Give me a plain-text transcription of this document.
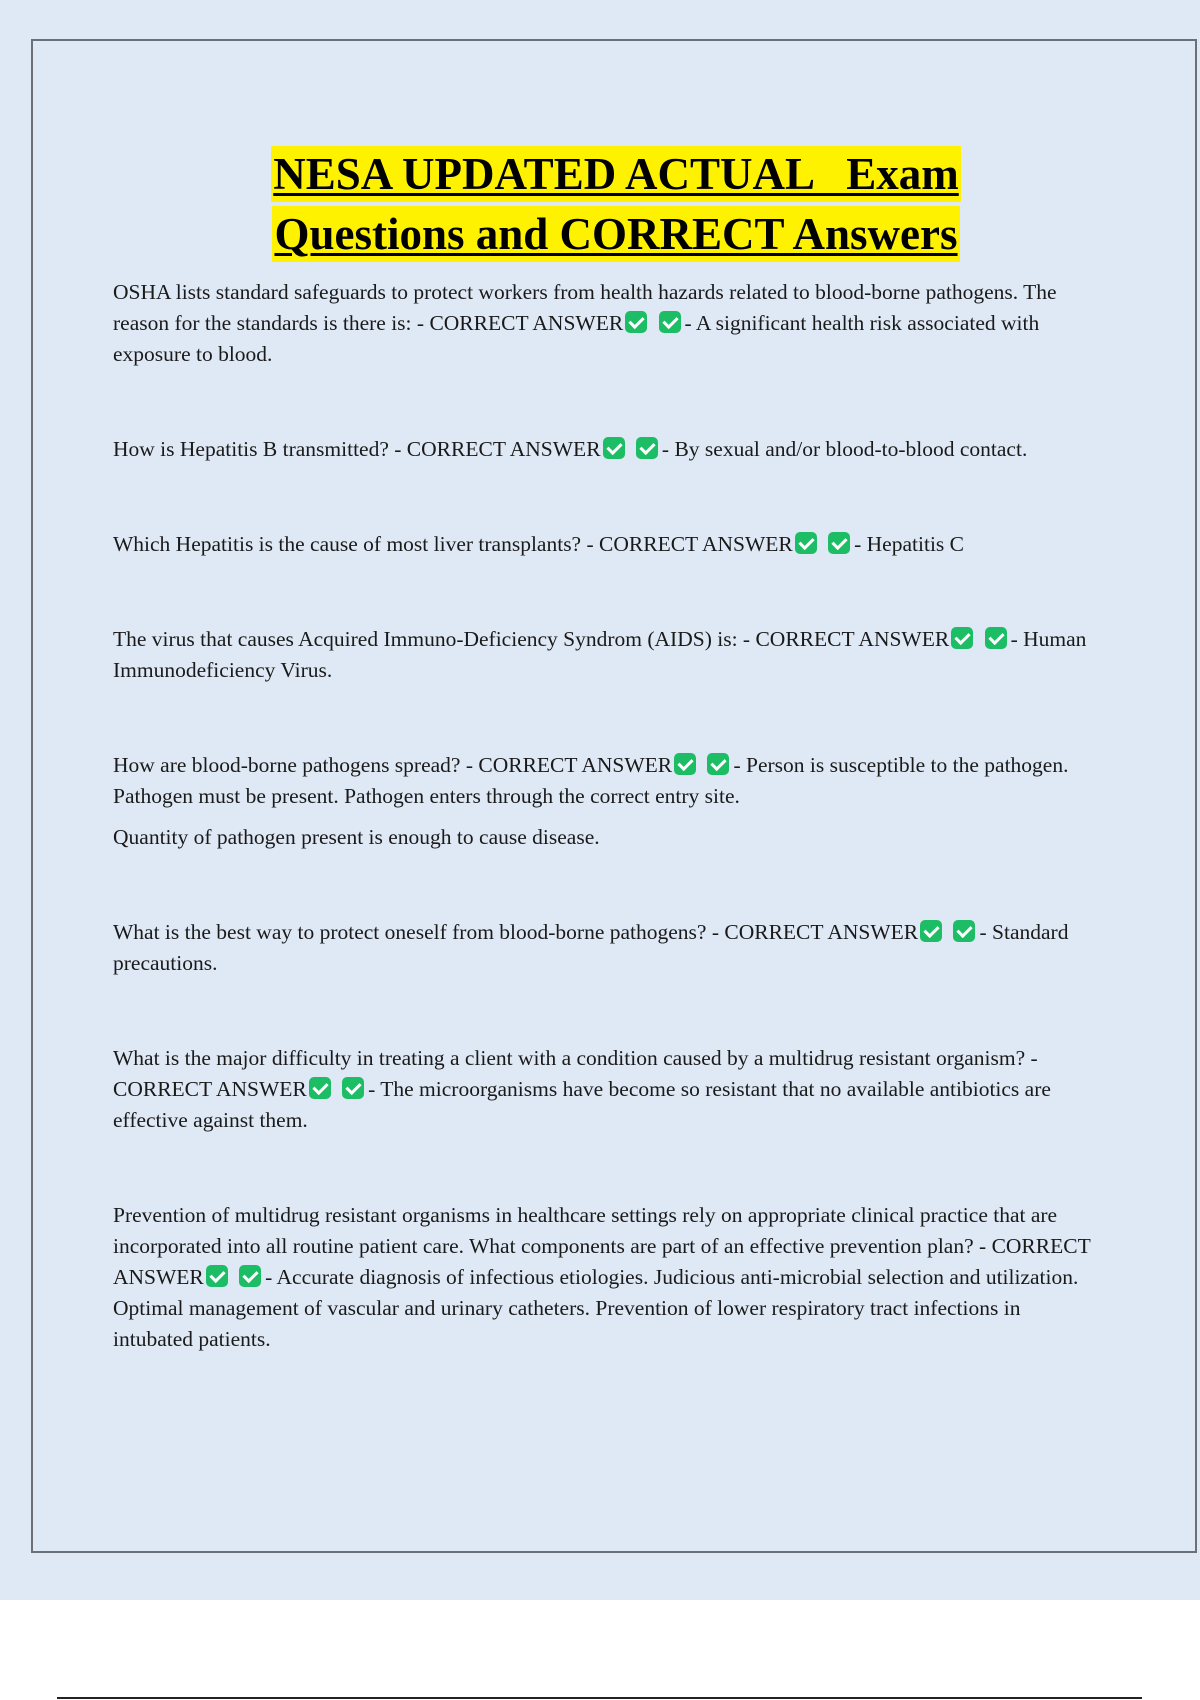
NESA UPDATED ACTUAL   Exam
Questions and CORRECT Answers

OSHA lists standard safeguards to protect workers from health hazards related to blood-borne pathogens. The reason for the standards is there is: - CORRECT ANSWER	- A significant health risk associated with exposure to blood.

How is Hepatitis B transmitted? - CORRECT ANSWER	- By sexual and/or blood-to-blood contact.

Which Hepatitis is the cause of most liver transplants? - CORRECT ANSWER	- Hepatitis C

The virus that causes Acquired Immuno-Deficiency Syndrom (AIDS) is: - CORRECT ANSWER	- Human Immunodeficiency Virus.

How are blood-borne pathogens spread? - CORRECT ANSWER	- Person is susceptible to the pathogen. Pathogen must be present. Pathogen enters through the correct entry site.

Quantity of pathogen present is enough to cause disease.

What is the best way to protect oneself from blood-borne pathogens? - CORRECT ANSWER	- Standard precautions.

What is the major difficulty in treating a client with a condition caused by a multidrug resistant organism? - CORRECT ANSWER	- The microorganisms have become so resistant that no available antibiotics are effective against them.

Prevention of multidrug resistant organisms in healthcare settings rely on appropriate clinical practice that are incorporated into all routine patient care. What components are part of an effective prevention plan? - CORRECT ANSWER	- Accurate diagnosis of infectious etiologies. Judicious anti-microbial selection and utilization. Optimal management of vascular and urinary catheters. Prevention of lower respiratory tract infections in intubated patients.
